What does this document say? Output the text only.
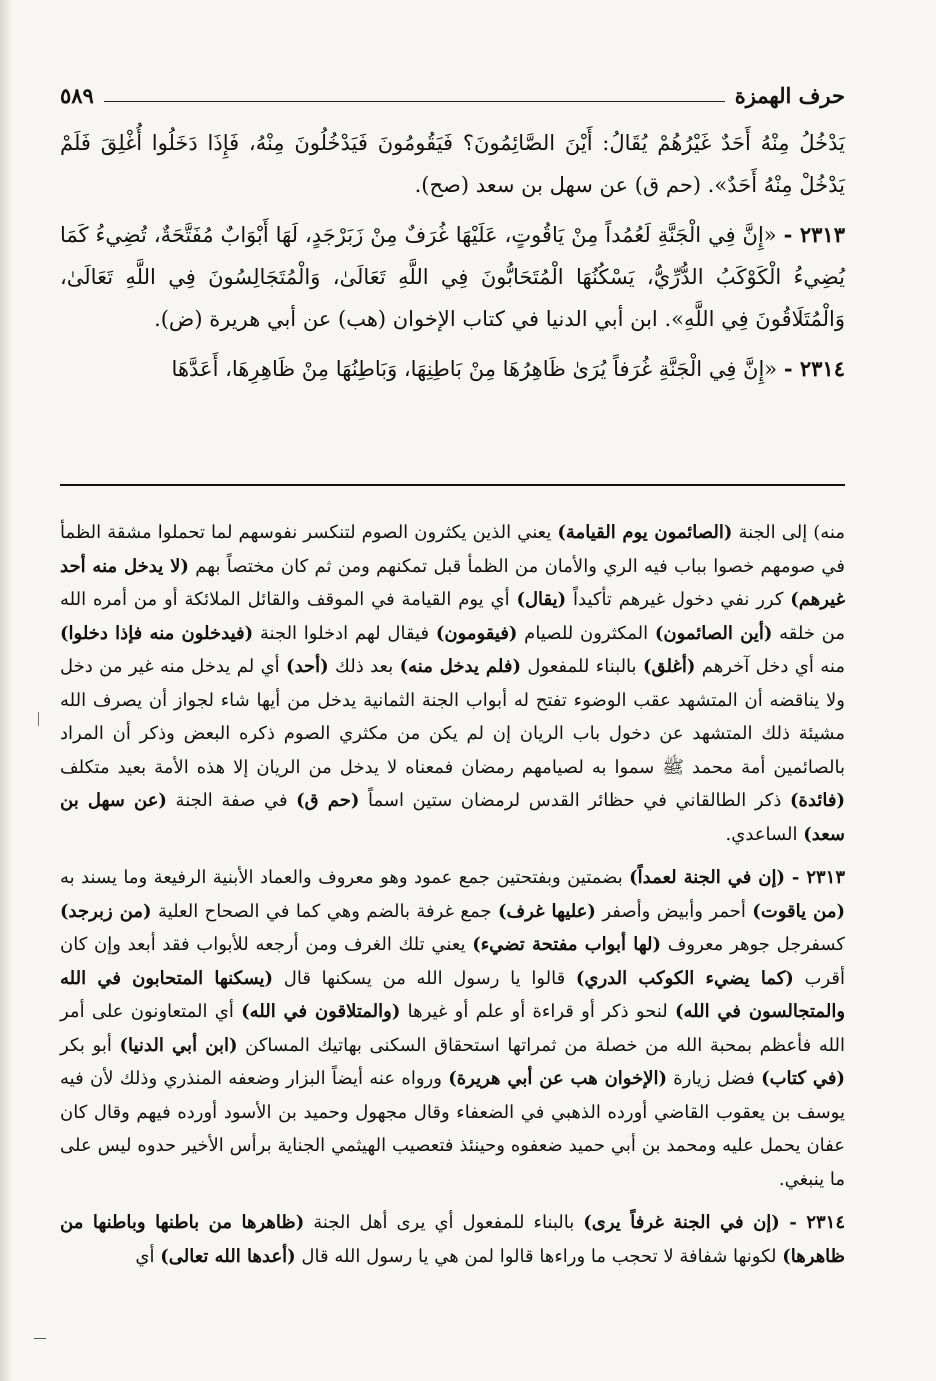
حرف الهمزة
٥٨٩

يَدْخُلُ مِنْهُ أَحَدٌ غَيْرُهُمْ يُقَالُ: أَيْنَ الصَّائِمُونَ؟ فَيَقُومُونَ فَيَدْخُلُونَ مِنْهُ، فَإِذَا دَخَلُوا أُغْلِقَ فَلَمْ يَدْخُلْ مِنْهُ أَحَدٌ». (حم ق) عن سهل بن سعد (صح).

٢٣١٣ - «إِنَّ فِي الْجَنَّةِ لَعُمُداً مِنْ يَاقُوتٍ، عَلَيْهَا غُرَفٌ مِنْ زَبَرْجَدٍ، لَهَا أَبْوَابٌ مُفَتَّحَةٌ، تُضِيءُ كَمَا يُضِيءُ الْكَوْكَبُ الدُّرِّيُّ، يَسْكُنُهَا الْمُتَحَابُّونَ فِي اللَّهِ تَعَالَىٰ، وَالْمُتَجَالِسُونَ فِي اللَّهِ تَعَالَىٰ، وَالْمُتَلَاقُونَ فِي اللَّهِ». ابن أبي الدنيا في كتاب الإخوان (هب) عن أبي هريرة (ض).

٢٣١٤ - «إِنَّ فِي الْجَنَّةِ غُرَفاً يُرَىٰ ظَاهِرُهَا مِنْ بَاطِنِهَا، وَبَاطِنُهَا مِنْ ظَاهِرِهَا، أَعَدَّهَا

منه) إلى الجنة (الصائمون يوم القيامة) يعني الذين يكثرون الصوم لتنكسر نفوسهم لما تحملوا مشقة الظمأ في صومهم خصوا بباب فيه الري والأمان من الظمأ قبل تمكنهم ومن ثم كان مختصاً بهم (لا يدخل منه أحد غيرهم) كرر نفي دخول غيرهم تأكيداً (يقال) أي يوم القيامة في الموقف والقائل الملائكة أو من أمره الله من خلقه (أين الصائمون) المكثرون للصيام (فيقومون) فيقال لهم ادخلوا الجنة (فيدخلون منه فإذا دخلوا) منه أي دخل آخرهم (أغلق) بالبناء للمفعول (فلم يدخل منه) بعد ذلك (أحد) أي لم يدخل منه غير من دخل ولا يناقضه أن المتشهد عقب الوضوء تفتح له أبواب الجنة الثمانية يدخل من أيها شاء لجواز أن يصرف الله مشيئة ذلك المتشهد عن دخول باب الريان إن لم يكن من مكثري الصوم ذكره البعض وذكر أن المراد بالصائمين أمة محمد ﷺ سموا به لصيامهم رمضان فمعناه لا يدخل من الريان إلا هذه الأمة بعيد متكلف (فائدة) ذكر الطالقاني في حظائر القدس لرمضان ستين اسماً (حم ق) في صفة الجنة (عن سهل بن سعد) الساعدي.

٢٣١٣ - (إن في الجنة لعمداً) بضمتين وبفتحتين جمع عمود وهو معروف والعماد الأبنية الرفيعة وما يسند به (من ياقوت) أحمر وأبيض وأصفر (عليها غرف) جمع غرفة بالضم وهي كما في الصحاح العلية (من زبرجد) كسفرجل جوهر معروف (لها أبواب مفتحة تضيء) يعني تلك الغرف ومن أرجعه للأبواب فقد أبعد وإن كان أقرب (كما يضيء الكوكب الدري) قالوا يا رسول الله من يسكنها قال (يسكنها المتحابون في الله والمتجالسون في الله) لنحو ذكر أو قراءة أو علم أو غيرها (والمتلاقون في الله) أي المتعاونون على أمر الله فأعظم بمحبة الله من خصلة من ثمراتها استحقاق السكنى بهاتيك المساكن (ابن أبي الدنيا) أبو بكر (في كتاب) فضل زيارة (الإخوان هب عن أبي هريرة) ورواه عنه أيضاً البزار وضعفه المنذري وذلك لأن فيه يوسف بن يعقوب القاضي أورده الذهبي في الضعفاء وقال مجهول وحميد بن الأسود أورده فيهم وقال كان عفان يحمل عليه ومحمد بن أبي حميد ضعفوه وحينئذ فتعصيب الهيثمي الجناية برأس الأخير حدوه ليس على ما ينبغي.

٢٣١٤ - (إن في الجنة غرفاً يرى) بالبناء للمفعول أي يرى أهل الجنة (ظاهرها من باطنها وباطنها من ظاهرها) لكونها شفافة لا تحجب ما وراءها قالوا لمن هي يا رسول الله قال (أعدها الله تعالى) أي
